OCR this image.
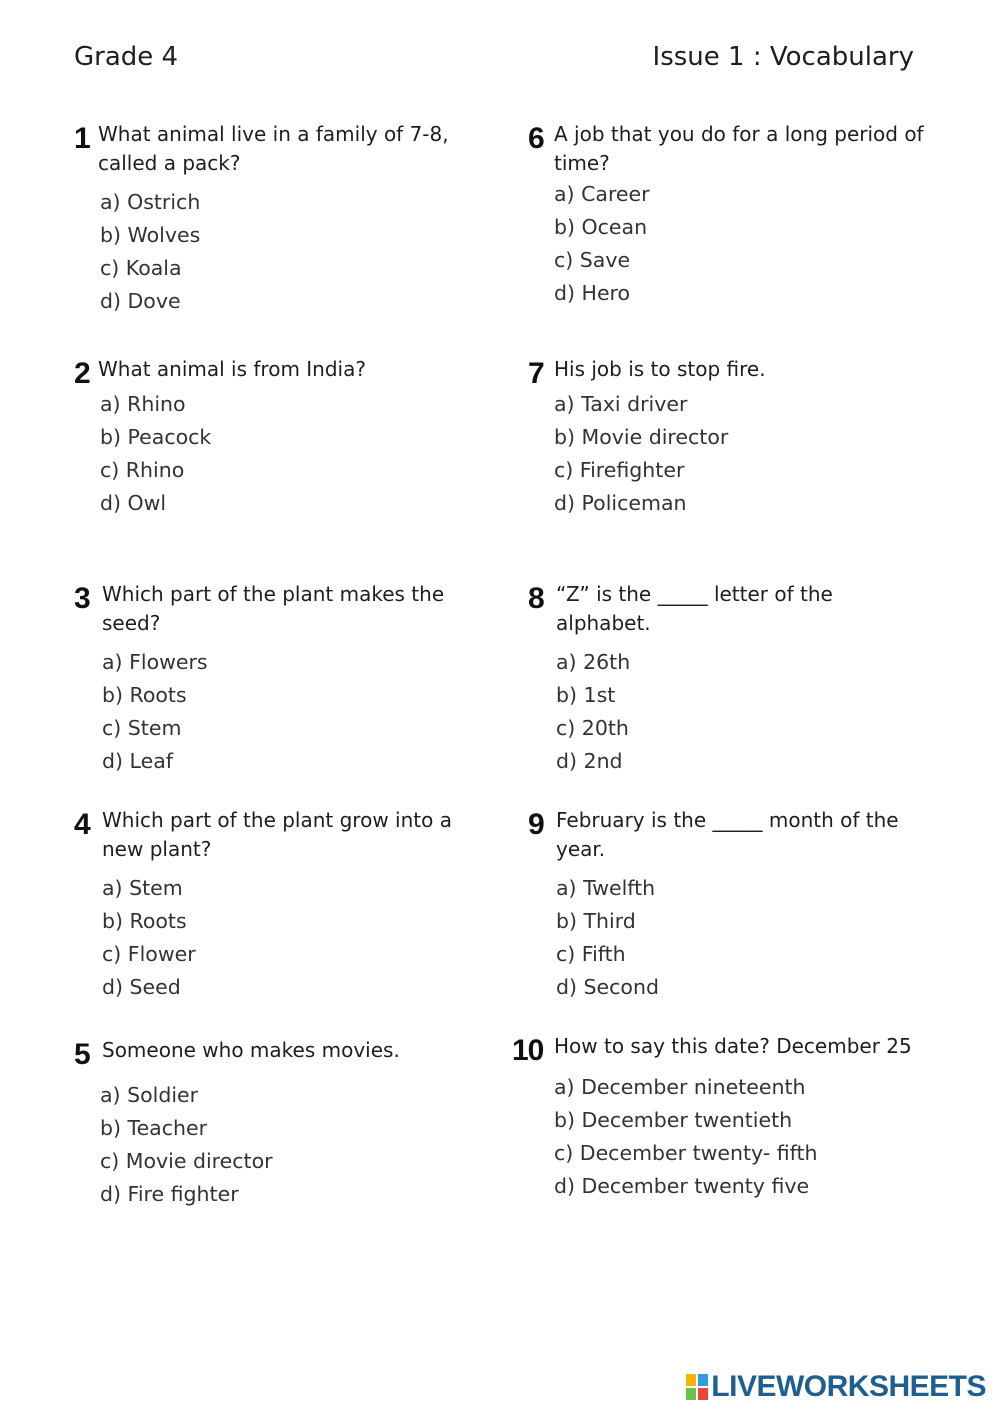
Grade 4	Issue 1 : Vocabulary
1 What animal live in a family of 7-8, called a pack?
a) Ostrich
b) Wolves
c) Koala
d) Dove
2 What animal is from India?
a) Rhino
b) Peacock
c) Rhino
d) Owl
3 Which part of the plant makes the seed?
a) Flowers
b) Roots
c) Stem
d) Leaf
4 Which part of the plant grow into a new plant?
a) Stem
b) Roots
c) Flower
d) Seed
5 Someone who makes movies.
a) Soldier
b) Teacher
c) Movie director
d) Fire fighter
6 A job that you do for a long period of time?
a) Career
b) Ocean
c) Save
d) Hero
7 His job is to stop fire.
a) Taxi driver
b) Movie director
c) Firefighter
d) Policeman
8 “Z” is the _____ letter of the alphabet.
a) 26th
b) 1st
c) 20th
d) 2nd
9 February is the _____ month of the year.
a) Twelfth
b) Third
c) Fifth
d) Second
10 How to say this date? December 25
a) December nineteenth
b) December twentieth
c) December twenty- fifth
d) December twenty five
LIVEWORKSHEETS
